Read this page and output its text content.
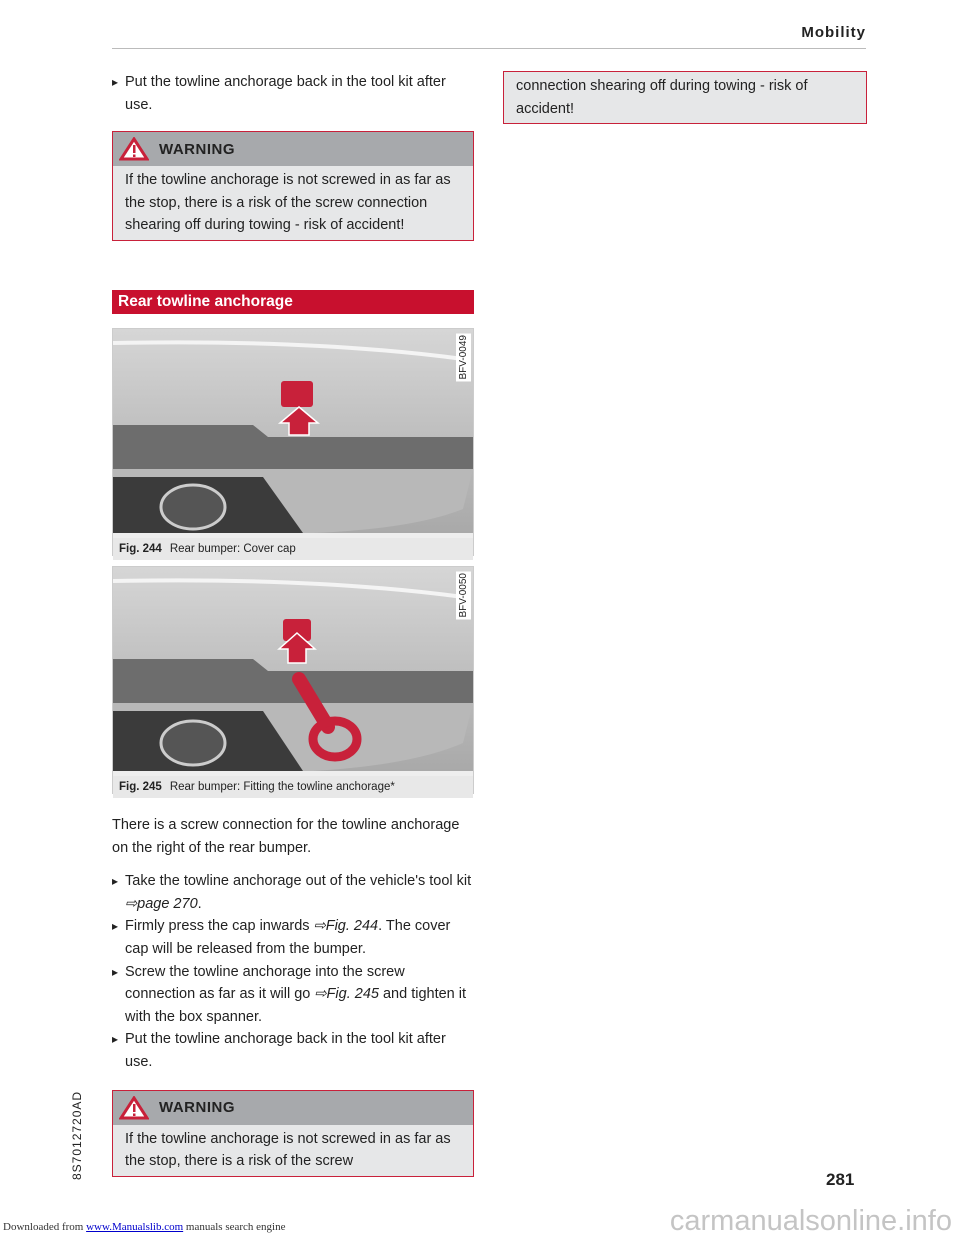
Mobility
▸ Put the towline anchorage back in the tool kit after use.
WARNING
If the towline anchorage is not screwed in as far as the stop, there is a risk of the screw connection shearing off during towing - risk of accident!
Rear towline anchorage
BFV-0049
Fig. 244 Rear bumper: Cover cap
BFV-0050
Fig. 245 Rear bumper: Fitting the towline anchorage*
There is a screw connection for the towline anchorage on the right of the rear bumper.
▸ Take the towline anchorage out of the vehicle's tool kit ⇨page 270.
▸ Firmly press the cap inwards ⇨Fig. 244. The cover cap will be released from the bumper.
▸ Screw the towline anchorage into the screw connection as far as it will go ⇨Fig. 245 and tighten it with the box spanner.
▸ Put the towline anchorage back in the tool kit after use.
WARNING
If the towline anchorage is not screwed in as far as the stop, there is a risk of the screw
connection shearing off during towing - risk of accident!
8S7012720AD	281
Downloaded from www.Manualslib.com manuals search engine	carmanualsonline.info
